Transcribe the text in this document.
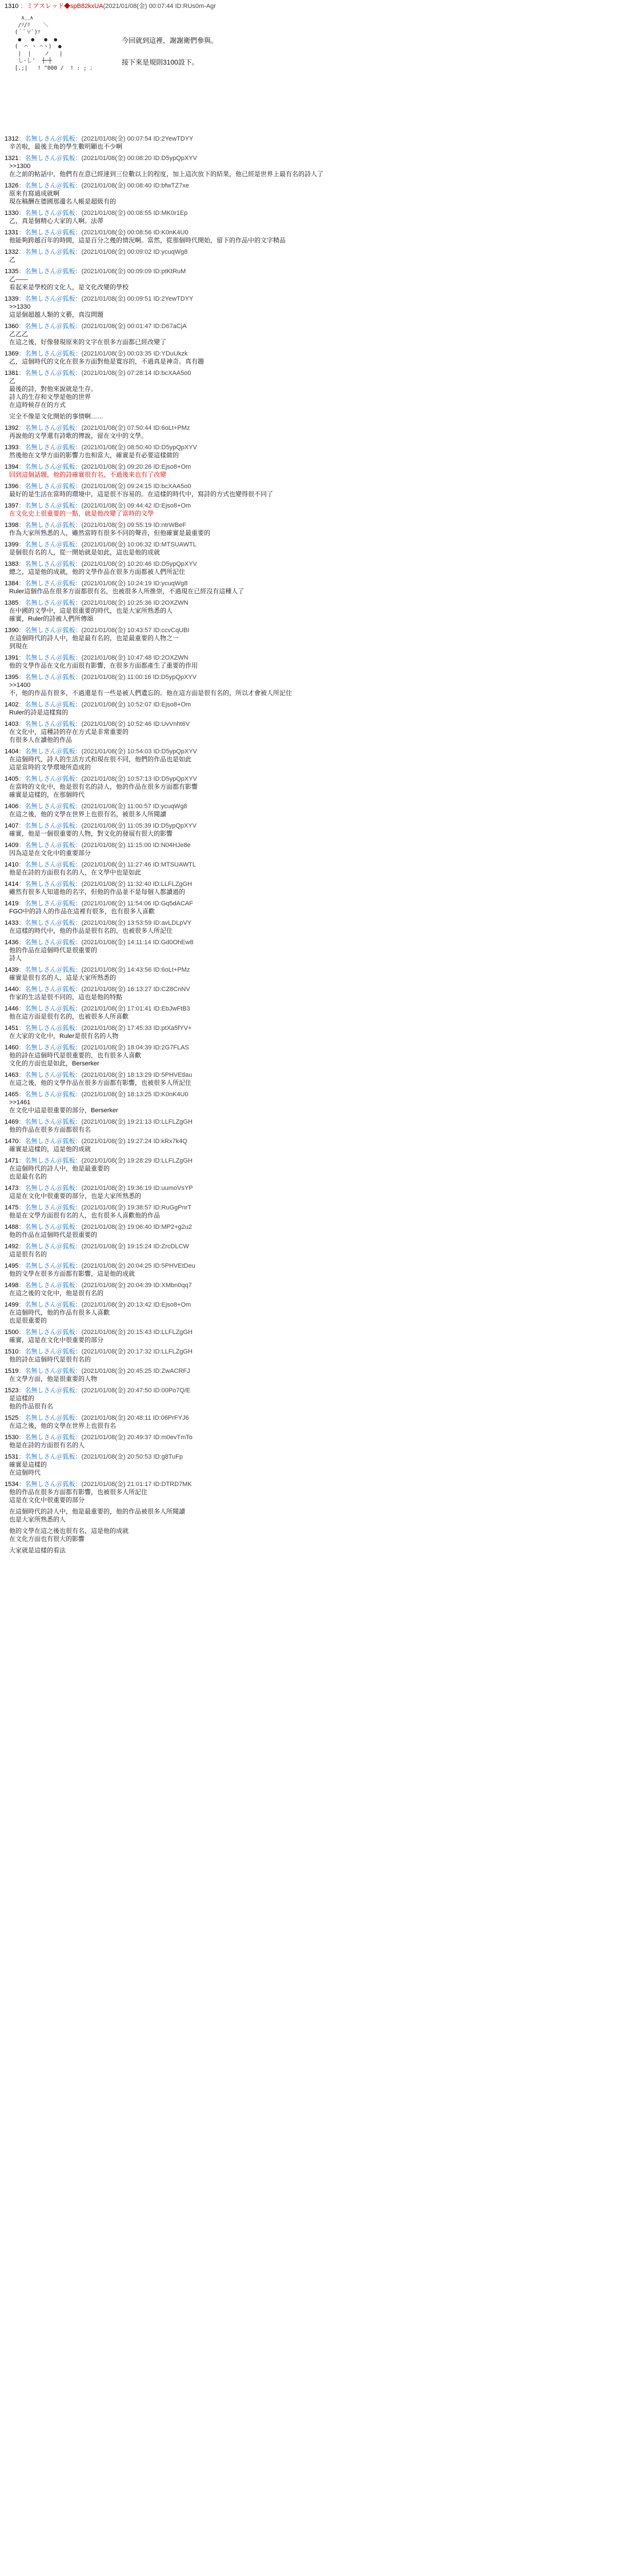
1310 ：ミアスレッド◆spB82kxUA(2021/01/08(金) 00:07:44 ID:RUs0m-Agr
∧＿∧
/ｿ/ﾘ    ＼
(｀ﾟ∀ﾟ)ｿ
●   ●   ●  ●
(  ⌒ ヽ ⌒ヽ)  ●
|  |    ノ   |
し-し'  ┼─┼
[.;|   ! ^000 /  ! : ; ；
今回就到這裡，謝謝衛們參與。

接下來是規則3100設下。
1312：名無しさん＠狐板：(2021/01/08(金) 00:07:54 ID:2YewTDYY
辛苦啦，最後主角的學生數明顯也不少啊
1321：名無しさん＠狐板：(2021/01/08(金) 00:08:20 ID:D5ypQpXYV
>>1300
在之前的帖話中，他們有在意已經達到三位數以上的程度，加上這次放下的結果，他已經是世界上最有名的詩人了
1326：名無しさん＠狐板：(2021/01/08(金) 00:08:40 ID:bfwTZ7xe
原來有寫過成就啊
現在稿酬在德國那邊名人帳是超級有的
1330：名無しさん＠狐板：(2021/01/08(金) 00:08:55 ID:MK0r1Ep
乙，真是個精心大家的人啊。法蒂
1331：名無しさん＠狐板：(2021/01/08(金) 00:08:56 ID:K0nK4U0
他能夠跨越百年的時間，這是百分之幾的情況啊。當然，從那個時代開始，留下的作品中的文字精品
1332：名無しさん＠狐板：(2021/01/08(金) 00:09:02 ID:ycuqWg8
乙
1335：名無しさん＠狐板：(2021/01/08(金) 00:09:09 ID:ptKtRuM
乙——
看起來是學校的文化人，是文化改變的學校
1339：名無しさん＠狐板：(2021/01/08(金) 00:09:51 ID:2YewTDYY
>>1330
這是個超越人類的文藝，真沒問題
1360：名無しさん＠狐板：(2021/01/08(金) 00:01:47 ID:D67aCjA
乙乙乙
在這之後，好像發現原來的文字在很多方面都已經改變了
1369：名無しさん＠狐板：(2021/01/08(金) 00:03:35 ID:YDuUkzk
乙，這個時代的文化在很多方面對他是寬容的，不過真是神奇。真有趣
1381：名無しさん＠狐板：(2021/01/08(金) 07:28:14 ID:bcXAA5o0
乙
最後的詩，對他來說就是生存。
詩人的生存和文學是他的世界
在這時候存在的方式
完全不像是文化開始的事情啊……
1392：名無しさん＠狐板：(2021/01/08(金) 07:50:44 ID:6oLt+PMz
再說他的文學還有詩歌的傳說，留在文中的文學。
1393：名無しさん＠狐板：(2021/01/08(金) 08:50:40 ID:D5ypQpXYV
然後他在文學方面的影響力也相當大，確實是有必要這樣做的
1394：名無しさん＠狐板：(2021/01/08(金) 09:20:26 ID:Ejso8+Om
回到這個話題，他的詩確實很有名，不過後來也有了改變
1396：名無しさん＠狐板：(2021/01/08(金) 09:24:15 ID:bcXAA5o0
最好的是生活在當時的環境中，這是很不容易的。在這樣的時代中，寫詩的方式也變得很不同了
1397：名無しさん＠狐板：(2021/01/08(金) 09:44:42 ID:Ejso8+Om
在文化史上很重要的一點，就是他改變了當時的文學
1398：名無しさん＠狐板：(2021/01/08(金) 09:55:19 ID:ntrWBeF
作為大家所熟悉的人，雖然當時有很多不同的聲音，但他確實是最重要的
1399：名無しさん＠狐板：(2021/01/08(金) 10:06:32 ID:MTSUAWTL
是個很有名的人，從一開始就是如此，這也是他的成就
1383：名無しさん＠狐板：(2021/01/08(金) 10:20:46 ID:D5ypQpXYV
總之，這是他的成就，他的文學作品在很多方面都被人們所記住
1384：名無しさん＠狐板：(2021/01/08(金) 10:24:19 ID:ycuqWg8
Ruler這個作品在很多方面都很有名，也被很多人所推崇，不過現在已經沒有這種人了
1385：名無しさん＠狐板：(2021/01/08(金) 10:25:36 ID:2OXZWN
在中國的文學中，這是很重要的時代，也是大家所熟悉的人
確實，Ruler的詩被人們所傳頌
1390：名無しさん＠狐板：(2021/01/08(金) 10:43:57 ID:ccvCqUBI
在這個時代的詩人中，他是最有名的，也是最重要的人物之一
到現在
1391：名無しさん＠狐板：(2021/01/08(金) 10:47:48 ID:2OXZWN
他的文學作品在文化方面很有影響，在很多方面都產生了重要的作用
1395：名無しさん＠狐板：(2021/01/08(金) 11:00:16 ID:D5ypQpXYV
>>1400
不，他的作品有很多，不過還是有一些是被人們遺忘的。他在這方面是很有名的，所以才會被人所記住
1402：名無しさん＠狐板：(2021/01/08(金) 10:52:07 ID:Ejso8+Om
Ruler的詩是這樣寫的
1403：名無しさん＠狐板：(2021/01/08(金) 10:52:46 ID:UvVnht6V
在文化中，這種詩的存在方式是非常重要的
有很多人在讀他的作品
1404：名無しさん＠狐板：(2021/01/08(金) 10:54:03 ID:D5ypQpXYV
在這個時代，詩人的生活方式和現在很不同，他們的作品也是如此
這是當時的文學環境所造成的
1405：名無しさん＠狐板：(2021/01/08(金) 10:57:13 ID:D5ypQpXYV
在當時的文化中，他是很有名的詩人，他的作品在很多方面都有影響
確實是這樣的，在那個時代
1406：名無しさん＠狐板：(2021/01/08(金) 11:00:57 ID:ycuqWg8
在這之後，他的文學在世界上也很有名，被很多人所閱讀
1407：名無しさん＠狐板：(2021/01/08(金) 11:05:39 ID:D5ypQpXYV
確實，他是一個很重要的人物，對文化的發展有很大的影響
1409：名無しさん＠狐板：(2021/01/08(金) 11:15:00 ID:N04HJe8e
因為這是在文化中的重要部分
1410：名無しさん＠狐板：(2021/01/08(金) 11:27:46 ID:MTSUAWTL
他是在詩的方面很有名的人，在文學中也是如此
1414：名無しさん＠狐板：(2021/01/08(金) 11:32:40 ID:LLFLZgGH
雖然有很多人知道他的名字，但他的作品並不是每個人都讀過的
1419：名無しさん＠狐板：(2021/01/08(金) 11:54:06 ID:Gq5dACAF
FGO中的詩人的作品在這裡有很多，也有很多人喜歡
1433：名無しさん＠狐板：(2021/01/08(金) 13:53:59 ID:avLDLpVY
在這樣的時代中，他的作品是很有名的，也被很多人所記住
1436：名無しさん＠狐板：(2021/01/08(金) 14:11:14 ID:Gd0OhEw8
他的作品在這個時代是很重要的
詩人
1439：名無しさん＠狐板：(2021/01/08(金) 14:43:56 ID:6oLt+PMz
確實是很有名的人，這是大家所熟悉的
1440：名無しさん＠狐板：(2021/01/08(金) 16:13:27 ID:CZ8CnNV
作家的生活是很不同的，這也是他的特點
1446：名無しさん＠狐板：(2021/01/08(金) 17:01:41 ID:EbJwFtB3
他在這方面是很有名的，也被很多人所喜歡
1451：名無しさん＠狐板：(2021/01/08(金) 17:45:33 ID:ptXa5fYV+
在大家的文化中，Ruler是很有名的人物
1460：名無しさん＠狐板：(2021/01/08(金) 18:04:39 ID:2G7FLAS
他的詩在這個時代是很重要的，也有很多人喜歡
文化的方面也是如此，Berserker
1463：名無しさん＠狐板：(2021/01/08(金) 18:13:29 ID:5PHVEtlau
在這之後，他的文學作品在很多方面都有影響，也被很多人所記住
1465：名無しさん＠狐板：(2021/01/08(金) 18:13:25 ID:K0nK4U0
>>1461
在文化中這是很重要的部分，Berserker
1469：名無しさん＠狐板：(2021/01/08(金) 19:21:13 ID:LLFLZgGH
他的作品在很多方面都很有名
1470：名無しさん＠狐板：(2021/01/08(金) 19:27:24 ID:kRx7k4Q
確實是這樣的，這是他的成就
1471：名無しさん＠狐板：(2021/01/08(金) 19:28:29 ID:LLFLZgGH
在這個時代的詩人中，他是最重要的
也是最有名的
1473：名無しさん＠狐板：(2021/01/08(金) 19:36:19 ID:uumoVsYP
這是在文化中很重要的部分，也是大家所熟悉的
1475：名無しさん＠狐板：(2021/01/08(金) 19:38:57 ID:RuGgPnrT
他是在文學方面很有名的人，也有很多人喜歡他的作品
1488：名無しさん＠狐板：(2021/01/08(金) 19:06:40 ID:MP2+g2u2
他的作品在這個時代是很重要的
1492：名無しさん＠狐板：(2021/01/08(金) 19:15:24 ID:ZrcDLCW
這是很有名的
1495：名無しさん＠狐板：(2021/01/08(金) 20:04:25 ID:5PHVEtDeu
他的文學在很多方面都有影響，這是他的成就
1498：名無しさん＠狐板：(2021/01/08(金) 20:04:39 ID:XMbn0qq7
在這之後的文化中，他是很有名的
1499：名無しさん＠狐板：(2021/01/08(金) 20:13:42 ID:Ejso8+Om
在這個時代，他的作品有很多人喜歡
也是很重要的
1500：名無しさん＠狐板：(2021/01/08(金) 20:15:43 ID:LLFLZgGH
確實，這是在文化中很重要的部分
1510：名無しさん＠狐板：(2021/01/08(金) 20:17:32 ID:LLFLZgGH
他的詩在這個時代是很有名的
1519：名無しさん＠狐板：(2021/01/08(金) 20:45:25 ID:ZwACRFJ
在文學方面，他是很重要的人物
1523：名無しさん＠狐板：(2021/01/08(金) 20:47:50 ID:00Po7Q/E
是這樣的
他的作品很有名
1525：名無しさん＠狐板：(2021/01/08(金) 20:48:11 ID:06PrFYJ6
在這之後，他的文學在世界上也很有名
1530：名無しさん＠狐板：(2021/01/08(金) 20:49:37 ID:m0evTmTo
他是在詩的方面很有名的人
1531：名無しさん＠狐板：(2021/01/08(金) 20:50:53 ID:g8TuFp
確實是這樣的
在這個時代
1534：名無しさん＠狐板：(2021/01/08(金) 21:01:17 ID:DTRD7MK
他的作品在很多方面都有影響，也被很多人所記住
這是在文化中很重要的部分
在這個時代的詩人中，他是最重要的，他的作品被很多人所閱讀
也是大家所熟悉的人
他的文學在這之後也很有名，這是他的成就
在文化方面也有很大的影響
大家就是這樣的看法
